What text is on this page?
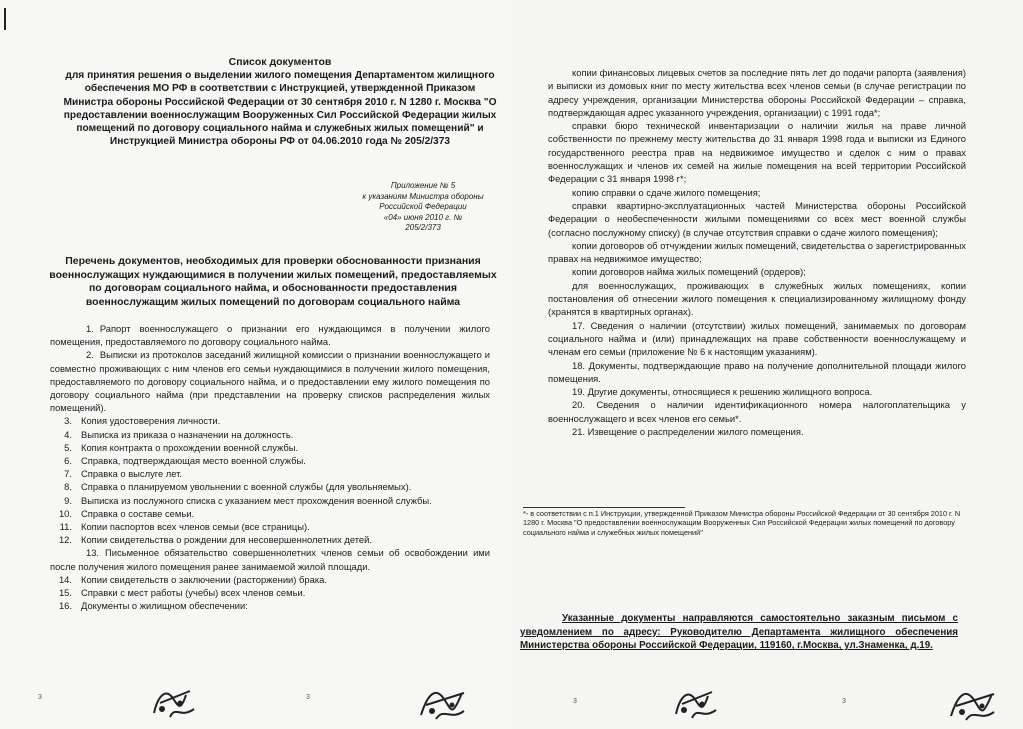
Список документов
для принятия решения о выделении жилого помещения Департаментом жилищного
обеспечения МО РФ в соответствии с Инструкцией, утвержденной Приказом
Министра обороны Российской Федерации от 30 сентября 2010 г. N 1280 г. Москва "О
предоставлении военнослужащим Вооруженных Сил Российской Федерации жилых
помещений по договору социального найма и служебных жилых помещений" и
Инструкцией Министра обороны РФ от 04.06.2010 года № 205/2/373
Приложение № 5
к указаниям Министра обороны
Российской Федерации
«04» июня 2010 г. №
205/2/373
Перечень документов, необходимых для проверки обоснованности признания
военнослужащих нуждающимися в получении жилых помещений, предоставляемых
по договорам социального найма, и обоснованности предоставления
военнослужащим жилых помещений по договорам социального найма
1. Рапорт военнослужащего о признании его нуждающимся в получении жилого помещения, предоставляемого по договору социального найма.
2. Выписки из протоколов заседаний жилищной комиссии о признании военнослужащего и совместно проживающих с ним членов его семьи нуждающимися в получении жилого помещения, предоставляемого по договору социального найма, и о предоставлении ему жилого помещения по договору социального найма (при представлении на проверку списков распределения жилых помещений).
3. Копия удостоверения личности.
4. Выписка из приказа о назначении на должность.
5. Копия контракта о прохождении военной службы.
6. Справка, подтверждающая место военной службы.
7. Справка о выслуге лет.
8. Справка о планируемом увольнении с военной службы (для увольняемых).
9. Выписка из послужного списка с указанием мест прохождения военной службы.
10. Справка о составе семьи.
11. Копии паспортов всех членов семьи (все страницы).
12. Копии свидетельства о рождении для несовершеннолетних детей.
13. Письменное обязательство совершеннолетних членов семьи об освобождении ими после получения жилого помещения ранее занимаемой жилой площади.
14. Копии свидетельств о заключении (расторжении) брака.
15. Справки с мест работы (учебы) всех членов семьи.
16. Документы о жилищном обеспечении:
3	3

копии финансовых лицевых счетов за последние пять лет до подачи рапорта (заявления) и выписки из домовых книг по месту жительства всех членов семьи (в случае регистрации по адресу учреждения, организации Министерства обороны Российской Федерации – справка, подтверждающая адрес указанного учреждения, организации) с 1991 года*;

справки бюро технической инвентаризации о наличии жилья на праве личной собственности по прежнему месту жительства до 31 января 1998 года и выписки из Единого государственного реестра прав на недвижимое имущество и сделок с ним о правах военнослужащих и членов их семей на жилые помещения на всей территории Российской Федерации с 31 января 1998 г*;

копию справки о сдаче жилого помещения;

справки квартирно-эксплуатационных частей Министерства обороны Российской Федерации о необеспеченности жилыми помещениями со всех мест военной службы (согласно послужному списку) (в случае отсутствия справки о сдаче жилого помещения);

копии договоров об отчуждении жилых помещений, свидетельства о зарегистрированных правах на недвижимое имущество;

копии договоров найма жилых помещений (ордеров);

для военнослужащих, проживающих в служебных жилых помещениях, копии постановления об отнесении жилого помещения к специализированному жилищному фонду (хранятся в квартирных органах).

17. Сведения о наличии (отсутствии) жилых помещений, занимаемых по договорам социального найма и (или) принадлежащих на праве собственности военнослужащему и членам его семьи (приложение № 6 к настоящим указаниям).

18. Документы, подтверждающие право на получение дополнительной площади жилого помещения.

19. Другие документы, относящиеся к решению жилищного вопроса.

20. Сведения о наличии идентификационного номера налогоплательщика у военнослужащего и всех членов его семьи*.

21. Извещение о распределении жилого помещения.

*- в соответствии с п.1 Инструкции, утвержденной Приказом Министра обороны Российской Федерации от 30 сентября 2010 г. N 1280 г. Москва "О предоставлении военнослужащим Вооруженных Сил Российской Федерации жилых помещений по договору социального найма и служебных жилых помещений"
Указанные документы направляются самостоятельно заказным письмом с уведомлением по адресу: Руководителю Департамента жилищного обеспечения Министерства обороны Российской Федерации, 119160, г.Москва, ул.Знаменка, д.19.
3	3
